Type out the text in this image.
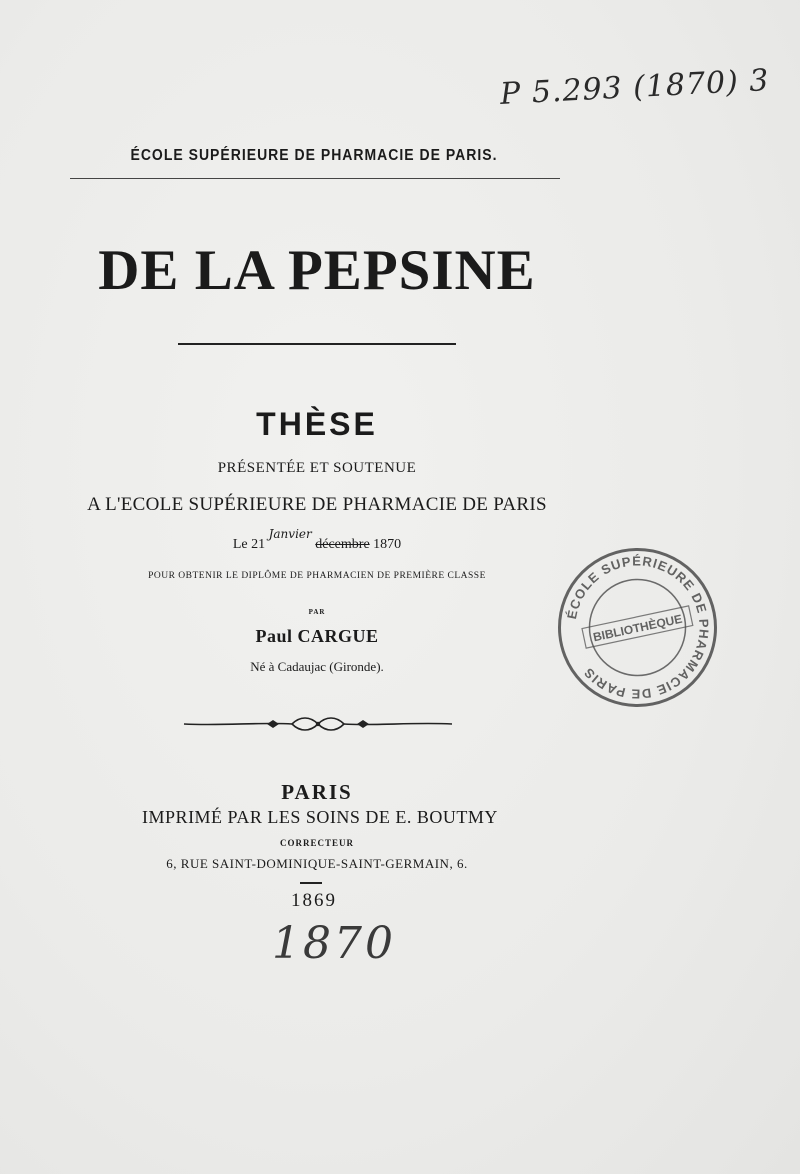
P 5.293 (1870) 3
ÉCOLE SUPÉRIEURE DE PHARMACIE DE PARIS.
DE LA PEPSINE
THÈSE
PRÉSENTÉE ET SOUTENUE
A L'ECOLE SUPÉRIEURE DE PHARMACIE DE PARIS
Le 21 Janvier décembre 1870
POUR OBTENIR LE DIPLÔME DE PHARMACIEN DE PREMIÈRE CLASSE
PAR
Paul CARGUE
Né à Cadaujac (Gironde).
PARIS
IMPRIMÉ PAR LES SOINS DE E. BOUTMY
CORRECTEUR
6, RUE SAINT-DOMINIQUE-SAINT-GERMAIN, 6.
1869
1870
ÉCOLE SUPÉRIEURE DE PHARMACIE DE PARIS
BIBLIOTHÈQUE
